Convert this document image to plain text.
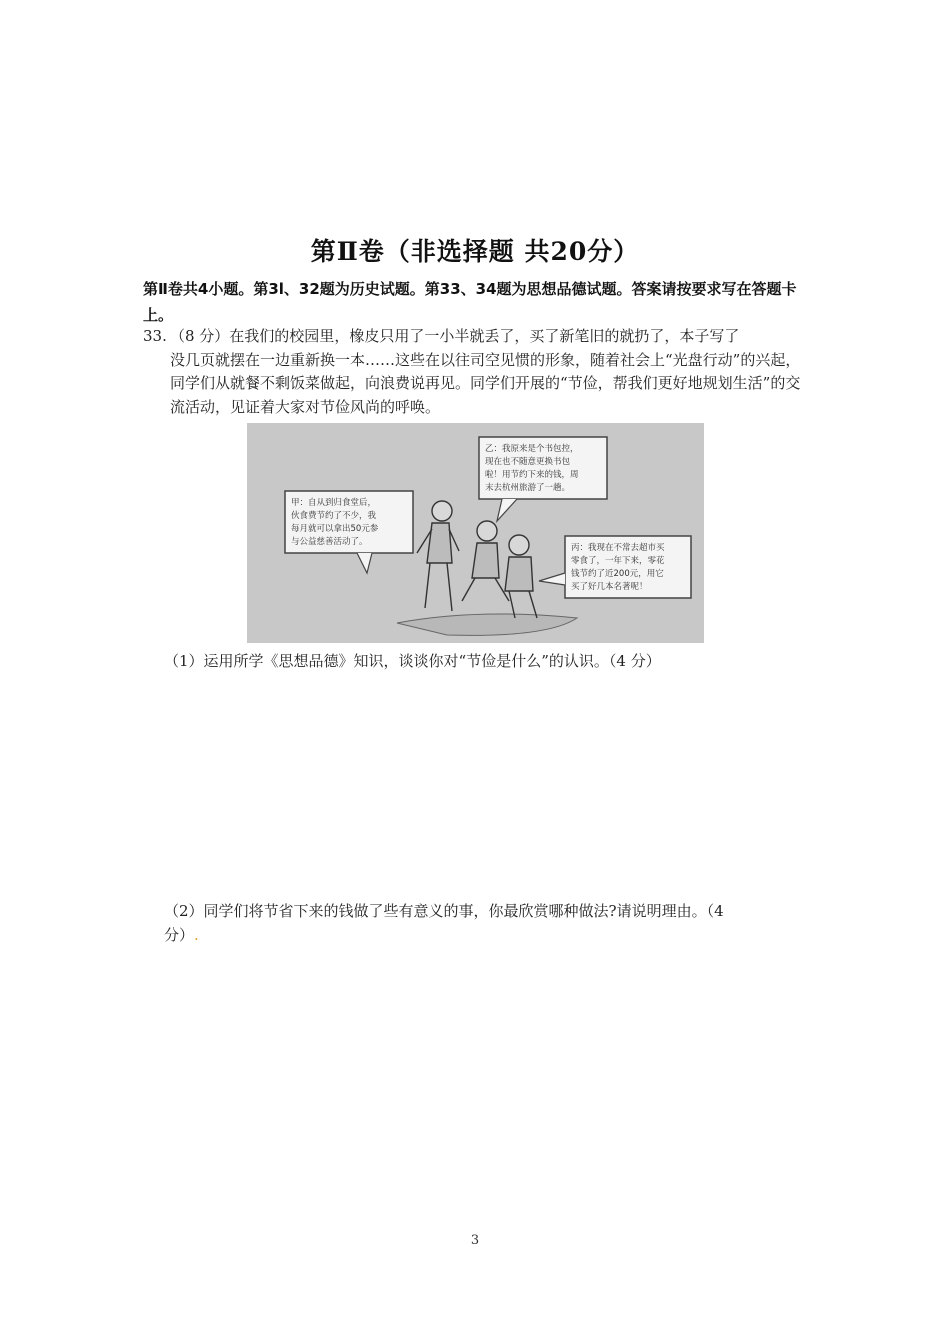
第Ⅱ卷（非选择题 共20分）
第Ⅱ卷共4小题。第3l、32题为历史试题。第33、34题为思想品德试题。答案请按要求写在答题卡上。
33. （8 分）在我们的校园里，橡皮只用了一小半就丢了，买了新笔旧的就扔了，本子写了
没几页就摆在一边重新换一本……这些在以往司空见惯的形象，随着社会上“光盘行动”的兴起，同学们从就餐不剩饭菜做起，向浪费说再见。同学们开展的“节俭，帮我们更好地规划生活”的交流活动，见证着大家对节俭风尚的呼唤。
甲：自从到归食堂后，
伙食费节约了不少，我
每月就可以拿出50元参
与公益慈善活动了。
乙：我原来是个书包控，
现在也不随意更换书包
啦！用节约下来的钱，周
末去杭州旅游了一趟。
丙：我现在不常去超市买
零食了，一年下来，零花
钱节约了近200元，用它
买了好几本名著呢！
（1）运用所学《思想品德》知识，谈谈你对“节俭是什么”的认识。（4 分）
（2）同学们将节省下来的钱做了些有意义的事，你最欣赏哪种做法?请说明理由。（4
分）.
3
